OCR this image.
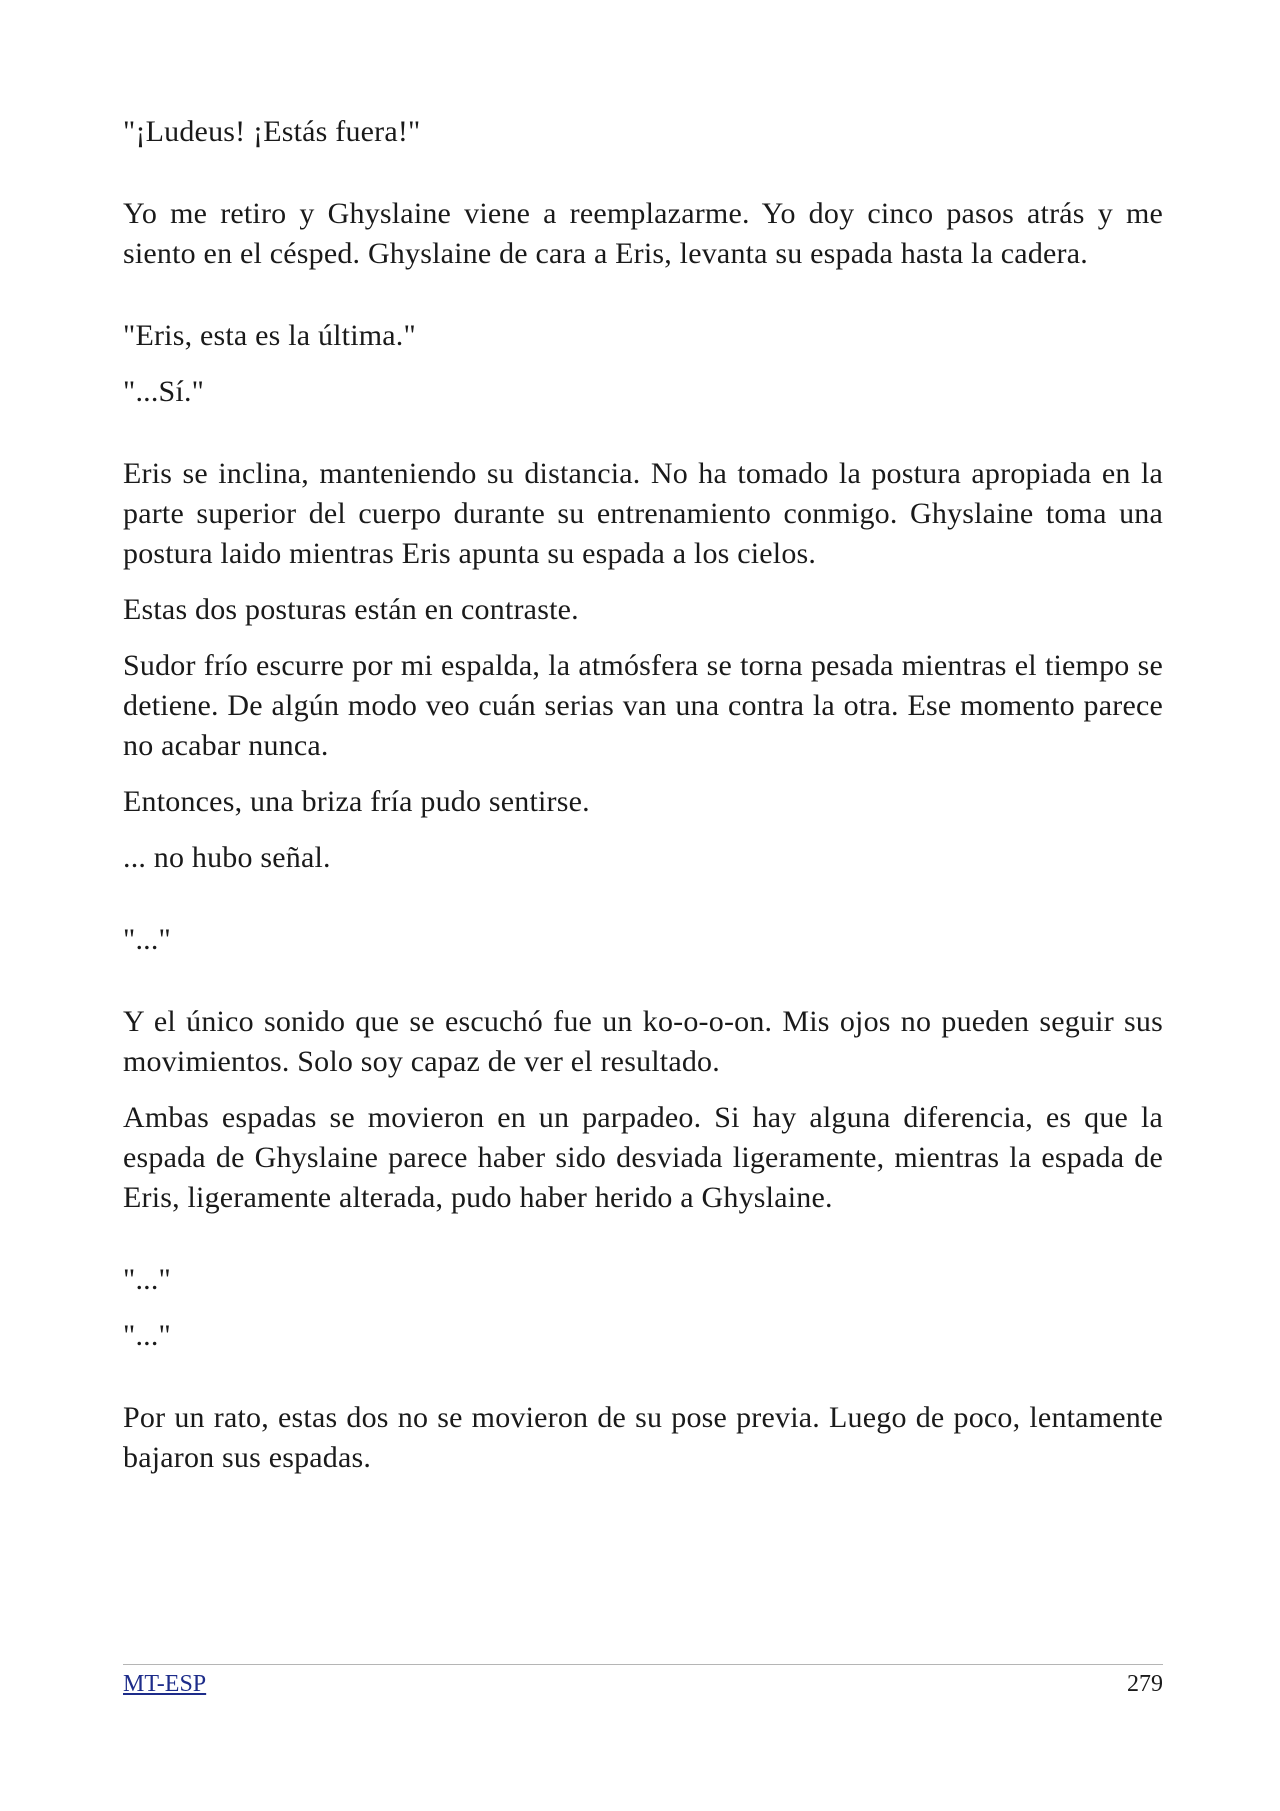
"¡Ludeus! ¡Estás fuera!"

Yo me retiro y Ghyslaine viene a reemplazarme. Yo doy cinco pasos atrás y me siento en el césped. Ghyslaine de cara a Eris, levanta su espada hasta la cadera.

"Eris, esta es la última."

"...Sí."

Eris se inclina, manteniendo su distancia. No ha tomado la postura apropiada en la parte superior del cuerpo durante su entrenamiento conmigo. Ghyslaine toma una postura laido mientras Eris apunta su espada a los cielos.

Estas dos posturas están en contraste.

Sudor frío escurre por mi espalda, la atmósfera se torna pesada mientras el tiempo se detiene. De algún modo veo cuán serias van una contra la otra. Ese momento parece no acabar nunca.

Entonces, una briza fría pudo sentirse.

... no hubo señal.

"..."

Y el único sonido que se escuchó fue un ko-o-o-on. Mis ojos no pueden seguir sus movimientos. Solo soy capaz de ver el resultado.

Ambas espadas se movieron en un parpadeo. Si hay alguna diferencia, es que la espada de Ghyslaine parece haber sido desviada ligeramente, mientras la espada de Eris, ligeramente alterada, pudo haber herido a Ghyslaine.

"..."

"..."

Por un rato, estas dos no se movieron de su pose previa. Luego de poco, lentamente bajaron sus espadas.

MT-ESP	279
